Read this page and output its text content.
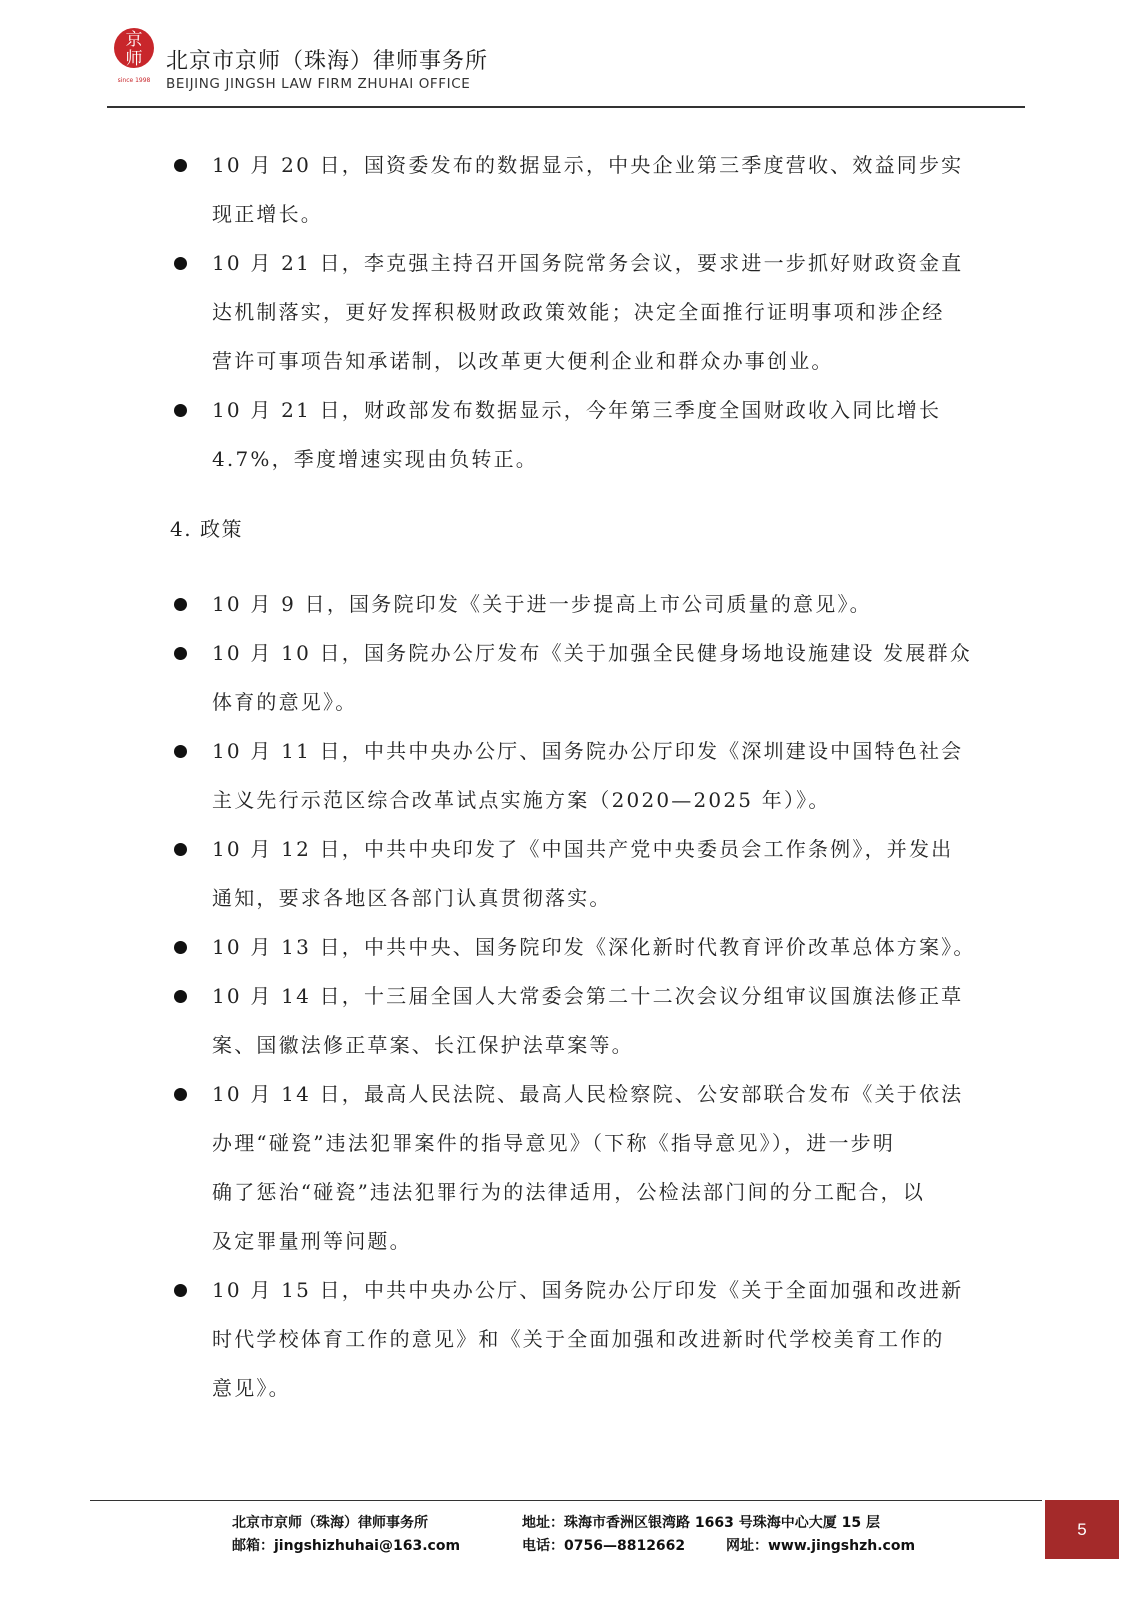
京
师
since 1998
北京市京师（珠海）律师事务所
BEIJING JINGSH LAW FIRM ZHUHAI OFFICE
10 月 20 日，国资委发布的数据显示，中央企业第三季度营收、效益同步实
现正增长。
10 月 21 日，李克强主持召开国务院常务会议，要求进一步抓好财政资金直
达机制落实，更好发挥积极财政政策效能；决定全面推行证明事项和涉企经
营许可事项告知承诺制，以改革更大便利企业和群众办事创业。
10 月 21 日，财政部发布数据显示，今年第三季度全国财政收入同比增长
4.7%，季度增速实现由负转正。
4. 政策
10 月 9 日，国务院印发《关于进一步提高上市公司质量的意见》。
10 月 10 日，国务院办公厅发布《关于加强全民健身场地设施建设 发展群众
体育的意见》。
10 月 11 日，中共中央办公厅、国务院办公厅印发《深圳建设中国特色社会
主义先行示范区综合改革试点实施方案（2020—2025 年）》。
10 月 12 日，中共中央印发了《中国共产党中央委员会工作条例》，并发出
通知，要求各地区各部门认真贯彻落实。
10 月 13 日，中共中央、国务院印发《深化新时代教育评价改革总体方案》。
10 月 14 日，十三届全国人大常委会第二十二次会议分组审议国旗法修正草
案、国徽法修正草案、长江保护法草案等。
10 月 14 日，最高人民法院、最高人民检察院、公安部联合发布《关于依法
办理“碰瓷”违法犯罪案件的指导意见》（下称《指导意见》），进一步明
确了惩治“碰瓷”违法犯罪行为的法律适用，公检法部门间的分工配合，以
及定罪量刑等问题。
10 月 15 日，中共中央办公厅、国务院办公厅印发《关于全面加强和改进新
时代学校体育工作的意见》和《关于全面加强和改进新时代学校美育工作的
意见》。
北京市京师（珠海）律师事务所	地址：珠海市香洲区银湾路 1663 号珠海中心大厦 15 层
邮箱：jingshizhuhai@163.com	电话：0756—8812662	网址：www.jingshzh.com
5
